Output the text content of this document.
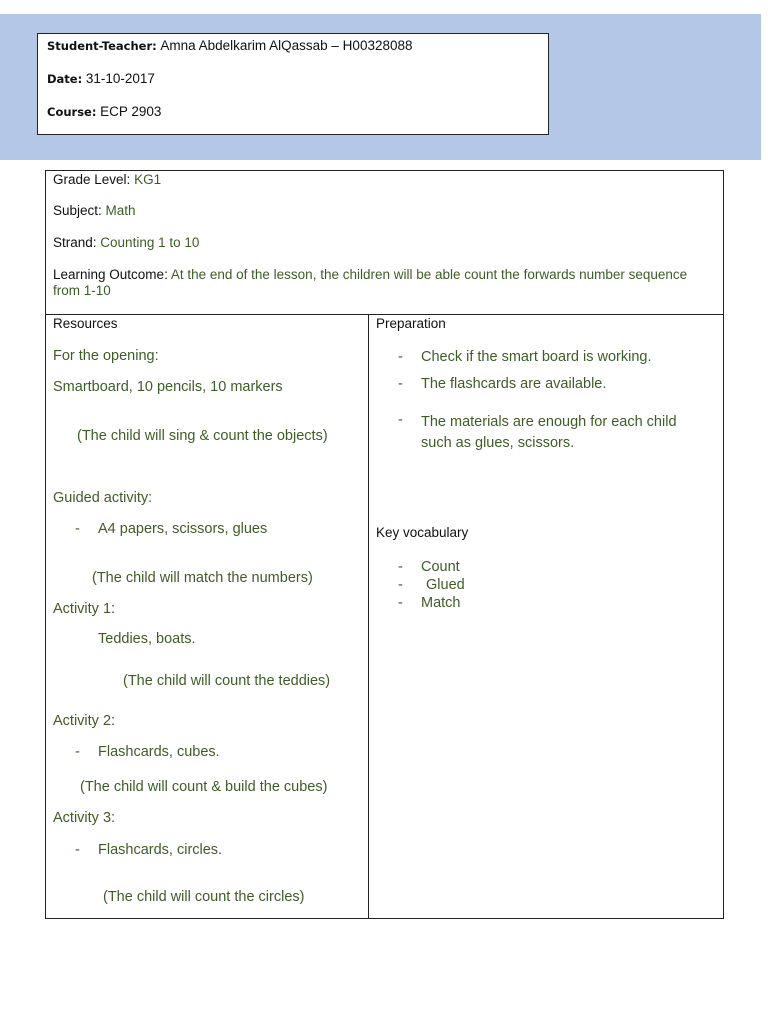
Student-Teacher: Amna Abdelkarim AlQassab – H00328088
Date: 31-10-2017
Course: ECP 2903
Grade Level: KG1
Subject: Math
Strand: Counting 1 to 10
Learning Outcome: At the end of the lesson, the children will be able count the forwards number sequence from 1-10
Resources
For the opening:
Smartboard, 10 pencils, 10 markers
(The child will sing & count the objects)
Guided activity:
- A4 papers, scissors, glues
(The child will match the numbers)
Activity 1:
Teddies, boats.
(The child will count the teddies)
Activity 2:
- Flashcards, cubes.
(The child will count & build the cubes)
Activity 3:
- Flashcards, circles.
(The child will count the circles)
Preparation
- Check if the smart board is working.
- The flashcards are available.
- The materials are enough for each child such as glues, scissors.
Key vocabulary
- Count
- Glued
- Match
